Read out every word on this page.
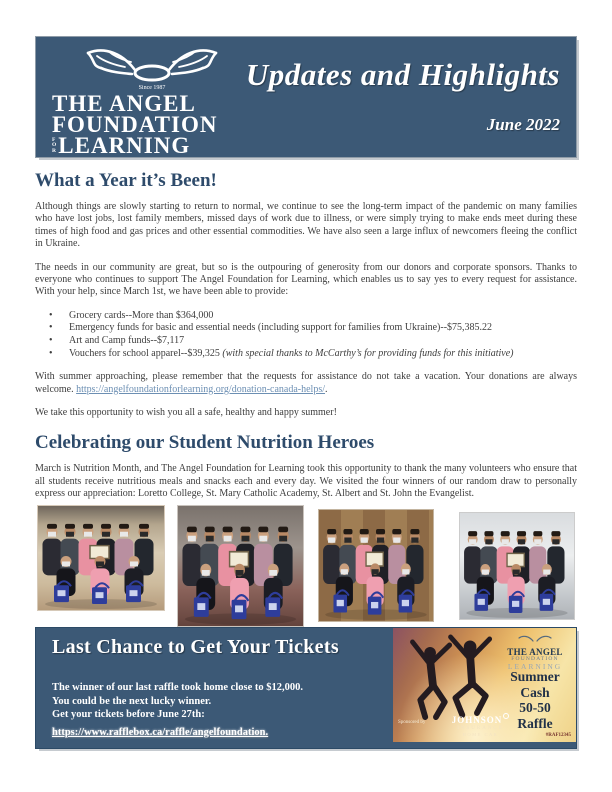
Since 1987
THE ANGEL
FOUNDATION
F
O
R LEARNING
Updates and Highlights
June 2022
What a Year it’s Been!

Although things are slowly starting to return to normal, we continue to see the long-term impact of the pandemic on many families who have lost jobs, lost family members, missed days of work due to illness, or were simply trying to make ends meet during these times of high food and gas prices and other essential commodities. We have also seen a large influx of newcomers fleeing the conflict in Ukraine.

The needs in our community are great, but so is the outpouring of generosity from our donors and corporate sponsors. Thanks to everyone who continues to support The Angel Foundation for Learning, which enables us to say yes to every request for assistance. With your help, since March 1st, we have been able to provide:

• Grocery cards--More than $364,000
• Emergency funds for basic and essential needs (including support for families from Ukraine)--$75,385.22
• Art and Camp funds--$7,117
• Vouchers for school apparel--$39,325 (with special thanks to McCarthy’s for providing funds for this initiative)

With summer approaching, please remember that the requests for assistance do not take a vacation. Your donations are always welcome. https://angelfoundationforlearning.org/donation-canada-helps/.

We take this opportunity to wish you all a safe, healthy and happy summer!

Celebrating our Student Nutrition Heroes

March is Nutrition Month, and The Angel Foundation for Learning took this opportunity to thank the many volunteers who ensure that all students receive nutritious meals and snacks each and every day. We visited the four winners of our random draw to personally express our appreciation: Loretto College, St. Mary Catholic Academy, St. Albert and St. John the Evangelist.

Last Chance to Get Your Tickets

The winner of our last raffle took home close to $12,000.

You could be the next lucky winner.

Get your tickets before June 27th:

https://www.rafflebox.ca/raffle/angelfoundation.
THE ANGEL
FOUNDATION
LEARNING
Summer
Cash
50-50
Raffle
#RAF12345
Sponsored by	JOHNSON
INSURANCE
HOME CAR
